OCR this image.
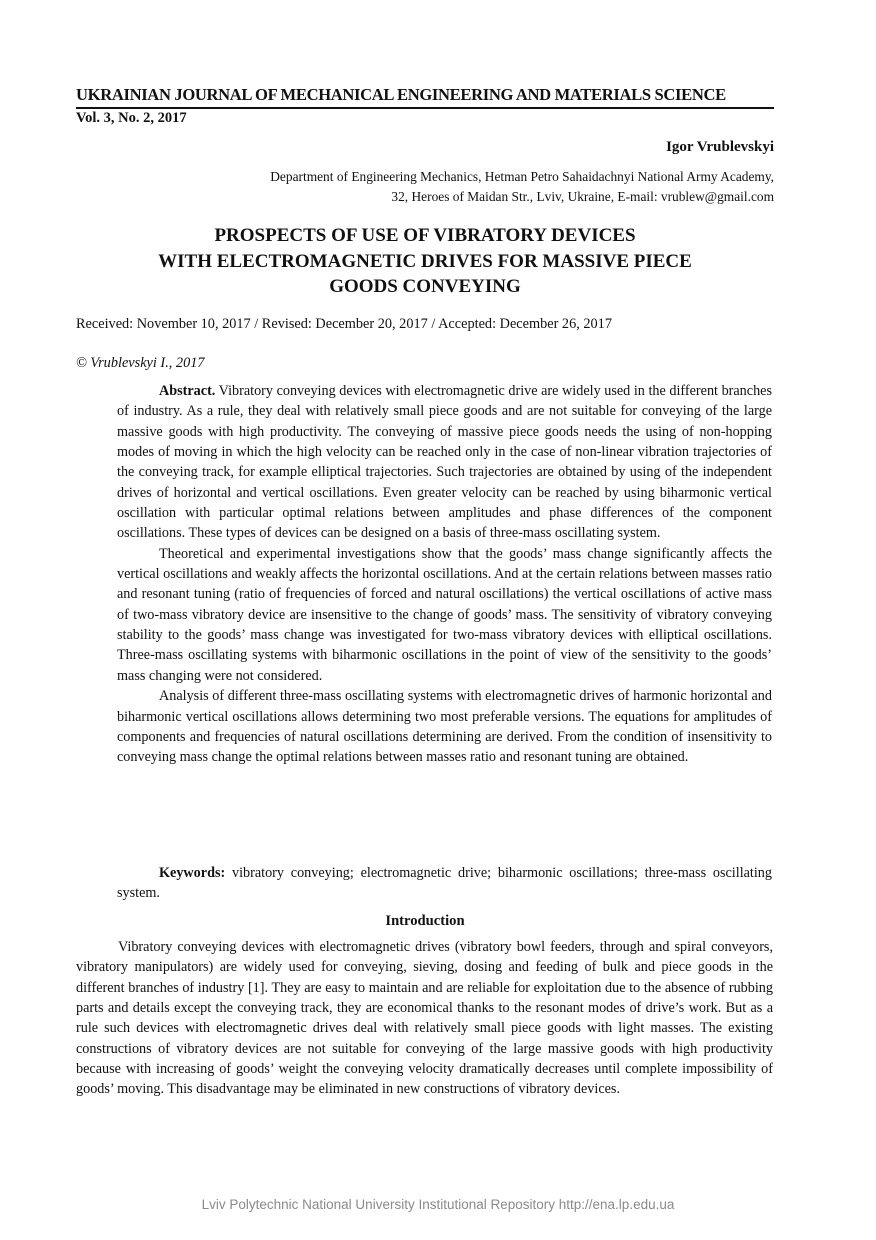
UKRAINIAN JOURNAL OF MECHANICAL ENGINEERING AND MATERIALS SCIENCE
Vol. 3, No. 2, 2017
Igor Vrublevskyi
Department of Engineering Mechanics, Hetman Petro Sahaidachnyi National Army Academy,
32, Heroes of Maidan Str., Lviv, Ukraine, E-mail: vrublew@gmail.com
PROSPECTS OF USE OF VIBRATORY DEVICES
WITH ELECTROMAGNETIC DRIVES FOR MASSIVE PIECE
GOODS CONVEYING
Received: November 10, 2017 / Revised: December 20, 2017 / Accepted: December 26, 2017
© Vrublevskyi I., 2017

Abstract. Vibratory conveying devices with electromagnetic drive are widely used in the different branches of industry. As a rule, they deal with relatively small piece goods and are not suitable for conveying of the large massive goods with high productivity. The conveying of massive piece goods needs the using of non-hopping modes of moving in which the high velocity can be reached only in the case of non-linear vibration trajectories of the conveying track, for example elliptical trajectories. Such trajectories are obtained by using of the independent drives of horizontal and vertical oscillations. Even greater velocity can be reached by using biharmonic vertical oscillation with particular optimal relations between amplitudes and phase differences of the component oscillations. These types of devices can be designed on a basis of three-mass oscillating system.

Theoretical and experimental investigations show that the goods’ mass change significantly affects the vertical oscillations and weakly affects the horizontal oscillations. And at the certain relations between masses ratio and resonant tuning (ratio of frequencies of forced and natural oscillations) the vertical oscillations of active mass of two-mass vibratory device are insensitive to the change of goods’ mass. The sensitivity of vibratory conveying stability to the goods’ mass change was investigated for two-mass vibratory devices with elliptical oscillations. Three-mass oscillating systems with biharmonic oscillations in the point of view of the sensitivity to the goods’ mass changing were not considered.

Analysis of different three-mass oscillating systems with electromagnetic drives of harmonic horizontal and biharmonic vertical oscillations allows determining two most preferable versions. The equations for amplitudes of components and frequencies of natural oscillations determining are derived. From the condition of insensitivity to conveying mass change the optimal relations between masses ratio and resonant tuning are obtained.

Keywords: vibratory conveying; electromagnetic drive; biharmonic oscillations; three-mass oscillating system.

Introduction

Vibratory conveying devices with electromagnetic drives (vibratory bowl feeders, through and spiral conveyors, vibratory manipulators) are widely used for conveying, sieving, dosing and feeding of bulk and piece goods in the different branches of industry [1]. They are easy to maintain and are reliable for exploitation due to the absence of rubbing parts and details except the conveying track, they are economical thanks to the resonant modes of drive’s work. But as a rule such devices with electromagnetic drives deal with relatively small piece goods with light masses. The existing constructions of vibratory devices are not suitable for conveying of the large massive goods with high productivity because with increasing of goods’ weight the conveying velocity dramatically decreases until complete impossibility of goods’ moving. This disadvantage may be eliminated in new constructions of vibratory devices.

Lviv Polytechnic National University Institutional Repository http://ena.lp.edu.ua
